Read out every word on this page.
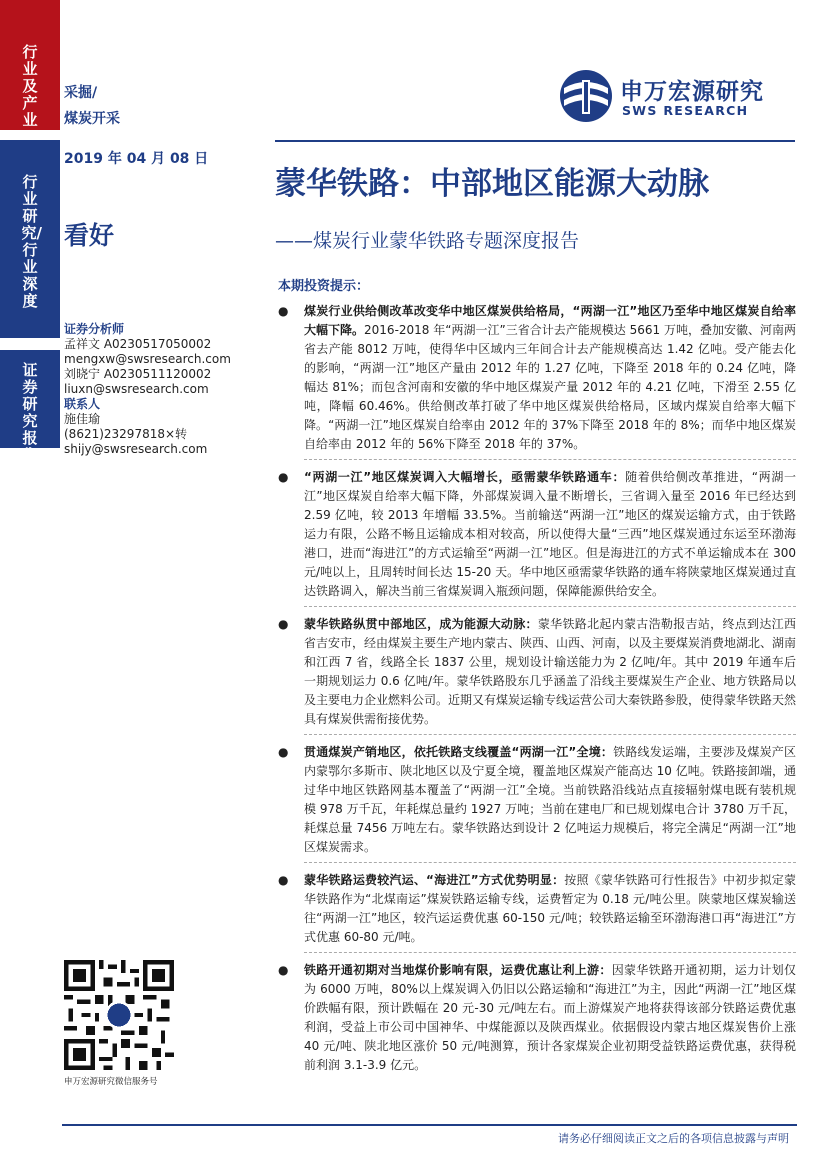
行业及产业
行业研究/行业深度
证券研究报告
采掘/
煤炭开采
2019 年 04 月 08 日
看好
证券分析师
孟祥文 A0230517050002
mengxw@swsresearch.com
刘晓宁 A0230511120002
liuxn@swsresearch.com
联系人
施佳瑜
(8621)23297818×转
shijy@swsresearch.com
申万宏源研究
SWS RESEARCH
蒙华铁路：中部地区能源大动脉
——煤炭行业蒙华铁路专题深度报告
本期投资提示：
● 煤炭行业供给侧改革改变华中地区煤炭供给格局，“两湖一江”地区乃至华中地区煤炭自给率大幅下降。2016-2018 年“两湖一江”三省合计去产能规模达 5661 万吨，叠加安徽、河南两省去产能 8012 万吨，使得华中区域内三年间合计去产能规模高达 1.42 亿吨。受产能去化的影响，“两湖一江”地区产量由 2012 年的 1.27 亿吨，下降至 2018 年的 0.24 亿吨，降幅达 81%；而包含河南和安徽的华中地区煤炭产量 2012 年的 4.21 亿吨，下滑至 2.55 亿吨，降幅 60.46%。供给侧改革打破了华中地区煤炭供给格局，区域内煤炭自给率大幅下降。“两湖一江”地区煤炭自给率由 2012 年的 37%下降至 2018 年的 8%；而华中地区煤炭自给率由 2012 年的 56%下降至 2018 年的 37%。
● “两湖一江”地区煤炭调入大幅增长，亟需蒙华铁路通车：随着供给侧改革推进，“两湖一江”地区煤炭自给率大幅下降，外部煤炭调入量不断增长，三省调入量至 2016 年已经达到 2.59 亿吨，较 2013 年增幅 33.5%。当前输送“两湖一江”地区的煤炭运输方式，由于铁路运力有限，公路不畅且运输成本相对较高，所以使得大量“三西”地区煤炭通过东运至环渤海港口，进而“海进江”的方式运输至“两湖一江”地区。但是海进江的方式不单运输成本在 300 元/吨以上，且周转时间长达 15-20 天。华中地区亟需蒙华铁路的通车将陕蒙地区煤炭通过直达铁路调入，解决当前三省煤炭调入瓶颈问题，保障能源供给安全。
● 蒙华铁路纵贯中部地区，成为能源大动脉：蒙华铁路北起内蒙古浩勒报吉站，终点到达江西省吉安市，经由煤炭主要生产地内蒙古、陕西、山西、河南，以及主要煤炭消费地湖北、湖南和江西 7 省，线路全长 1837 公里，规划设计输送能力为 2 亿吨/年。其中 2019 年通车后一期规划运力 0.6 亿吨/年。蒙华铁路股东几乎涵盖了沿线主要煤炭生产企业、地方铁路局以及主要电力企业燃料公司。近期又有煤炭运输专线运营公司大秦铁路参股，使得蒙华铁路天然具有煤炭供需衔接优势。
● 贯通煤炭产销地区，依托铁路支线覆盖“两湖一江”全境：铁路线发运端，主要涉及煤炭产区内蒙鄂尔多斯市、陕北地区以及宁夏全境，覆盖地区煤炭产能高达 10 亿吨。铁路接卸端，通过华中地区铁路网基本覆盖了“两湖一江”全境。当前铁路沿线站点直接辐射煤电既有装机规模 978 万千瓦，年耗煤总量约 1927 万吨；当前在建电厂和已规划煤电合计 3780 万千瓦，耗煤总量 7456 万吨左右。蒙华铁路达到设计 2 亿吨运力规模后，将完全满足“两湖一江”地区煤炭需求。
● 蒙华铁路运费较汽运、“海进江”方式优势明显：按照《蒙华铁路可行性报告》中初步拟定蒙华铁路作为“北煤南运”煤炭铁路运输专线，运费暂定为 0.18 元/吨公里。陕蒙地区煤炭输送往“两湖一江”地区，较汽运运费优惠 60-150 元/吨；较铁路运输至环渤海港口再“海进江”方式优惠 60-80 元/吨。
● 铁路开通初期对当地煤价影响有限，运费优惠让利上游：因蒙华铁路开通初期，运力计划仅为 6000 万吨，80%以上煤炭调入仍旧以公路运输和“海进江”为主，因此“两湖一江”地区煤价跌幅有限，预计跌幅在 20 元-30 元/吨左右。而上游煤炭产地将获得该部分铁路运费优惠利润，受益上市公司中国神华、中煤能源以及陕西煤业。依据假设内蒙古地区煤炭售价上涨 40 元/吨、陕北地区涨价 50 元/吨测算，预计各家煤炭企业初期受益铁路运费优惠，获得税前利润 3.1-3.9 亿元。
申万宏源研究微信服务号
请务必仔细阅读正文之后的各项信息披露与声明
